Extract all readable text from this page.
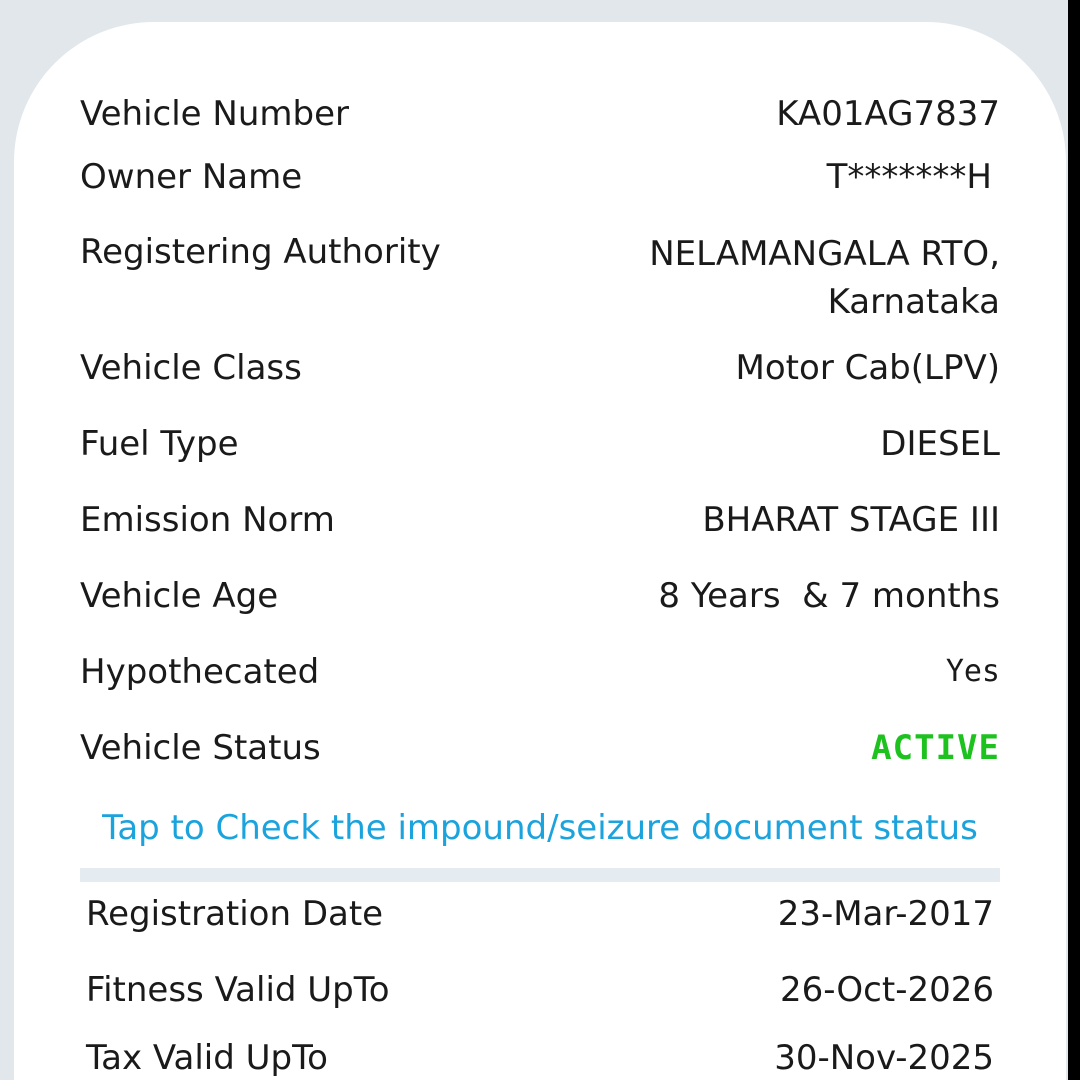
Vehicle Number	KA01AG7837
Owner Name	T*******H
Registering Authority	NELAMANGALA RTO,
Karnataka
Vehicle Class	Motor Cab(LPV)
Fuel Type	DIESEL
Emission Norm	BHARAT STAGE III
Vehicle Age	8 Years  & 7 months
Hypothecated	Yes
Vehicle Status	ACTIVE
Tap to Check the impound/seizure document status
Registration Date	23-Mar-2017
Fitness Valid UpTo	26-Oct-2026
Tax Valid UpTo	30-Nov-2025
